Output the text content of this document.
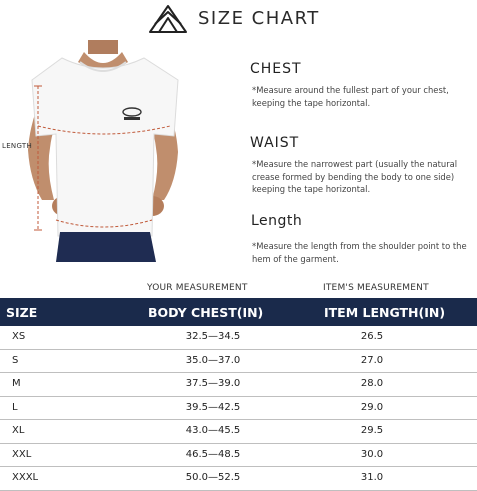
SIZE CHART
LENGTH
CHEST
*Measure around the fullest part of your chest, keeping the tape horizontal.
WAIST
*Measure the narrowest part (usually the natural crease formed by bending the body to one side) keeping the tape horizontal.
Length
*Measure the length from the shoulder point to the hem of the garment.
YOUR MEASUREMENT	ITEM'S MEASUREMENT
SIZE	BODY CHEST(IN)	ITEM LENGTH(IN)
XS	32.5—34.5	26.5
S	35.0—37.0	27.0
M	37.5—39.0	28.0
L	39.5—42.5	29.0
XL	43.0—45.5	29.5
XXL	46.5—48.5	30.0
XXXL	50.0—52.5	31.0
